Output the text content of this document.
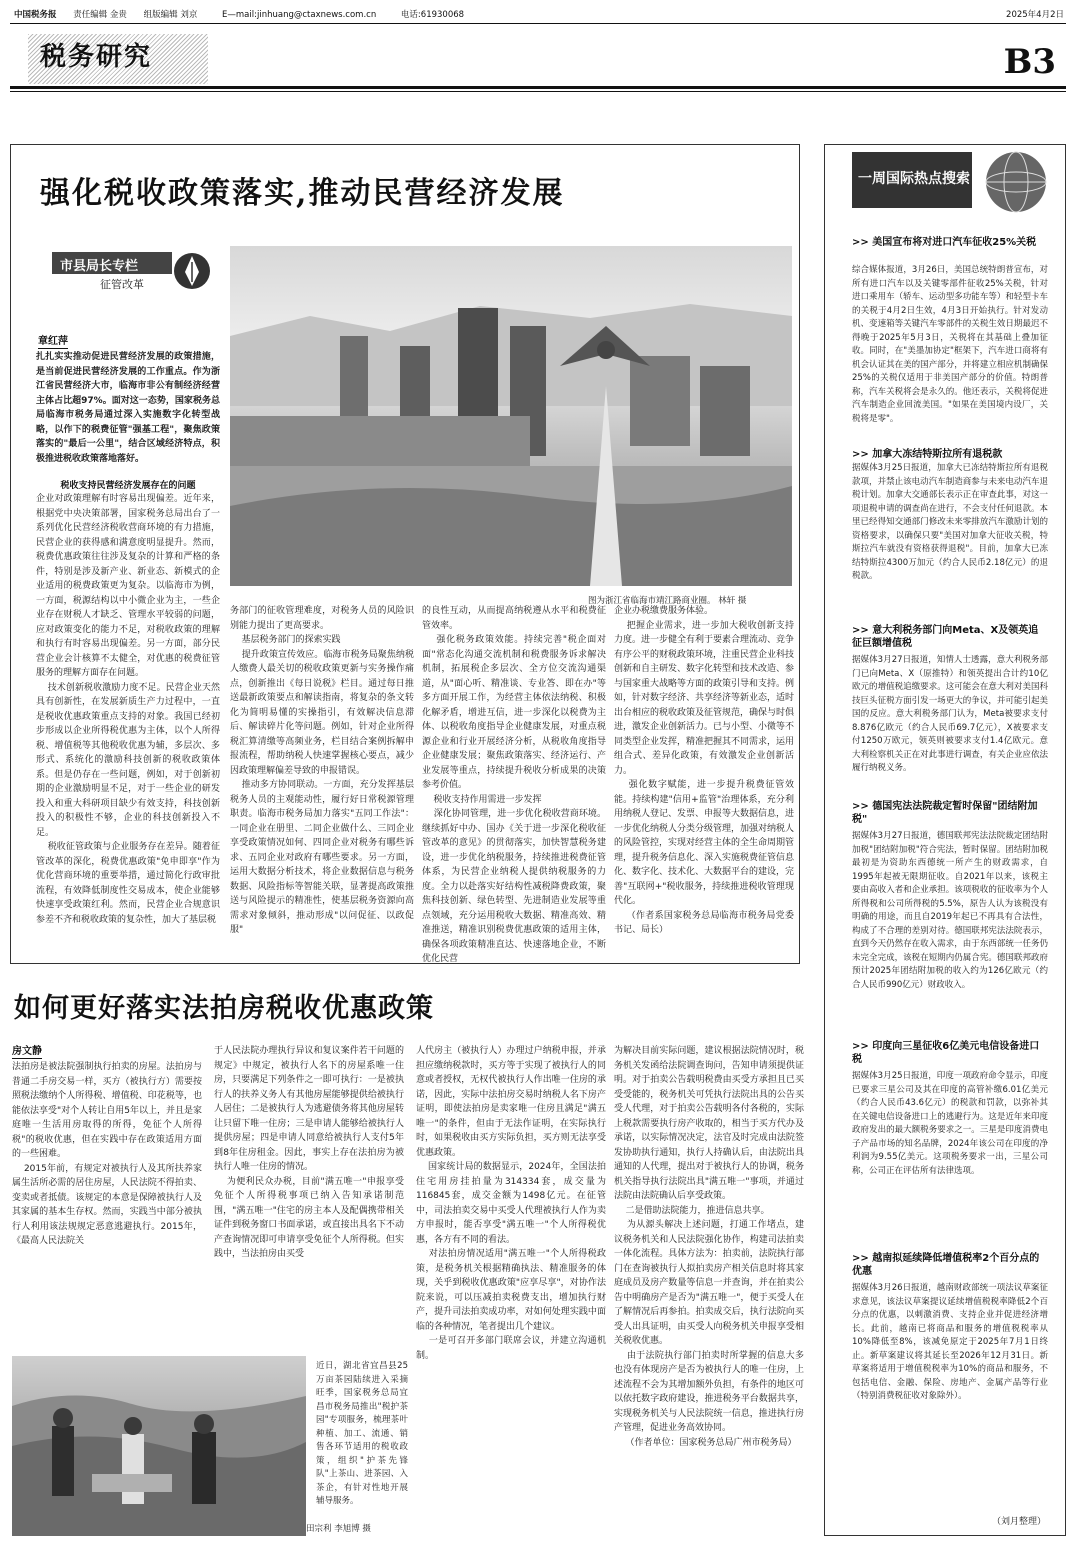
中国税务报 责任编辑 金贵 组版编辑 刘京	E—mail:jinhuang@ctaxnews.com.cn	电话:61930068	2025年4月2日
税务研究	B3
强化税收政策落实,推动民营经济发展
市县局长专栏
征管改革
章红萍
图为浙江省临海市靖江路商业圈。 林轩 摄
扎扎实实推动促进民营经济发展的政策措施，是当前促进民营经济发展的工作重点。作为浙江省民营经济大市，临海市非公有制经济经营主体占比超97%。面对这一态势，国家税务总局临海市税务局通过深入实施数字化转型战略，以作下的税费征管"强基工程"，聚焦政策落实的"最后一公里"，结合区域经济特点，积极推进税收政策落地落好。
税收支持民营经济发展存在的问题
企业对政策理解有时容易出现偏差。近年来，根据党中央决策部署，国家税务总局出台了一系列优化民营经济税收营商环境的有力措施，民营企业的获得感和满意度明显提升。然而，税费优惠政策往往涉及复杂的计算和严格的条件，特别是涉及新产业、新业态、新模式的企业适用的税费政策更为复杂。以临海市为例，一方面，税源结构以中小微企业为主，一些企业存在财税人才缺乏、管理水平较弱的问题，应对政策变化的能力不足，对税收政策的理解和执行有时容易出现偏差。另一方面，部分民营企业会计核算不太健全，对优惠的税费征管服务的理解方面存在问题。
技术创新税收激励力度不足。民营企业天然具有创新性，在发展新质生产力过程中，一直是税收优惠政策重点支持的对象。我国已经初步形成以企业所得税优惠为主体，以个人所得税、增值税等其他税收优惠为辅，多层次、多形式、系统化的激励科技创新的税收政策体系。但是仍存在一些问题，例如，对于创新初期的企业激励明显不足，对于一些企业的研发投入和重大科研项目缺少有效支持，科技创新投入的积极性不够，企业的科技创新投入不足。
税收征管政策与企业服务存在差异。随着征管改革的深化，税费优惠政策"免申即享"作为优化营商环境的重要举措，通过简化行政审批流程，有效降低制度性交易成本，使企业能够快速享受政策红利。然而，民营企业合规意识参差不齐和税收政策的复杂性，加大了基层税
务部门的征收管理难度，对税务人员的风险识别能力提出了更高要求。
基层税务部门的探索实践
提升政策宣传效应。临海市税务局聚焦纳税人缴费人最关切的税收政策更新与实务操作痛点，创新推出《每日说税》栏目。通过每日推送最新政策要点和解读指南，将复杂的条文转化为简明易懂的实操指引，有效解决信息滞后、解读碎片化等问题。例如，针对企业所得税汇算清缴等高频业务，栏目结合案例拆解申报流程，帮助纳税人快速掌握核心要点，减少因政策理解偏差导致的申报错误。
推动多方协同联动。一方面，充分发挥基层税务人员的主观能动性，履行好日常税源管理职责。临海市税务局加力落实"五同工作法"：一同企业在册里、二同企业做什么、三同企业享受政策情况如何、四同企业对税务有哪些诉求、五同企业对政府有哪些要求。另一方面，运用大数据分析技术，将企业数据信息与税务数据、风险指标等智能关联，显著提高政策推送与风险提示的精准性，使基层税务资源向高需求对象倾斜，推动形成"以问促征、以政促服"
的良性互动，从而提高纳税遵从水平和税费征管效率。
强化税务政策效能。持续完善"税企面对面"常态化沟通交流机制和税费服务诉求解决机制，拓展税企多层次、全方位交流沟通渠道，从"面心听、精准谈、专业答、即在办"等多方面开展工作，为经营主体依法纳税、积极化解矛盾，增进互信，进一步深化以税费为主体、以税收角度指导企业健康发展，对重点税源企业和行业开展经济分析，从税收角度指导企业健康发展；聚焦政策落实、经济运行、产业发展等重点，持续提升税收分析成果的决策参考价值。
税收支持作用需进一步发挥
深化协同管理，进一步优化税收营商环境。继续抓好中办、国办《关于进一步深化税收征管改革的意见》的贯彻落实，加快智慧税务建设，进一步优化纳税服务，持续推进税费征管体系，为民营企业纳税人提供纳税服务的力度。全力以赴落实好结构性减税降费政策，聚焦科技创新、绿色转型、先进制造业发展等重点领域，充分运用税收大数据、精准高效、精准推送，精准识别税费优惠政策的适用主体，确保各项政策精准直达、快速落地企业，不断优化民营
企业办税缴费服务体验。
把握企业需求，进一步加大税收创新支持力度。进一步健全有利于要素合理流动、竞争有序公平的财税政策环境，注重民营企业科技创新和自主研发、数字化转型和技术改造、参与国家重大战略等方面的政策引导和支持。例如，针对数字经济、共享经济等新业态，适时出台相应的税收政策及征管规范，确保与时俱进，激发企业创新活力。已与小型、小微等不同类型企业发挥，精准把握其不同需求，运用组合式、差异化政策，有效激发企业创新活力。
强化数字赋能，进一步提升税费征管效能。持续构建"信用+监管"治理体系，充分利用纳税人登记、发票、申报等大数据信息，进一步优化纳税人分类分级管理，加强对纳税人的风险管控，实现对经营主体的全生命周期管理，提升税务信息化、深入实施税费征管信息化、数字化、技术化、大数据平台的建设，完善"互联网+"税收服务，持续推进税收管理现代化。
（作者系国家税务总局临海市税务局党委书记、局长）
如何更好落实法拍房税收优惠政策
房文静
法拍房是被法院强制执行拍卖的房屋。法拍房与普通二手房交易一样，买方（被执行方）需要按照税法缴纳个人所得税、增值税、印花税等，也能依法享受"对个人转让自用5年以上，并且是家庭唯一生活用房取得的所得，免征个人所得税"的税收优惠，但在实践中存在政策适用方面的一些困难。
2015年前，有规定对被执行人及其所扶养家属生活所必需的居住房屋，人民法院不得拍卖、变卖或者抵债。该规定的本意是保障被执行人及其家属的基本生存权。然而，实践当中部分被执行人利用该法规规定恶意逃避执行。2015年，《最高人民法院关
于人民法院办理执行异议和复议案件若干问题的规定》中规定，被执行人名下的房屋系唯一住房，只要满足下列条件之一即可执行：一是被执行人的扶养义务人有其他房屋能够提供给被执行人居住；二是被执行人为逃避债务将其他房屋转让只留下唯一住房；三是申请人能够给被执行人提供房屋；四是申请人同意给被执行人支付5年到8年住房租金。因此，事实上存在法拍房为被执行人唯一住房的情况。
为便利民众办税，目前"满五唯一"申报享受免征个人所得税事项已纳入告知承诺制范围，"满五唯一"住宅的房主本人及配偶携带相关证件到税务窗口书面承诺，或直接出具名下不动产查询情况即可申请享受免征个人所得税。但实践中，当法拍房由买受
人代房主（被执行人）办理过户纳税申报，并承担应缴纳税款时，买方等于实现了被执行人的同意或者授权，无权代被执行人作出唯一住房的承诺，因此，实际中法拍房交易时纳税人名下房产证明，即使法拍房是卖家唯一住房且满足"满五唯一"的条件，但由于无法作证明，在实际执行时，如果税收由买方实际负担，买方则无法享受优惠政策。
国家统计局的数据显示，2024年，全国法拍住宅用房挂拍量为314334套，成交量为116845套，成交金额为1498亿元。在征管中，司法拍卖交易中买受人代理被执行人作为卖方申报时，能否享受"满五唯一"个人所得税优惠，各方有不同的看法。
对法拍房情况适用"满五唯一"个人所得税政策，是税务机关根据精确执法、精准服务的体现，关乎到税收优惠政策"应享尽享"，对协作法院来说，可以压减拍卖税费支出，增加执行财产，提升司法拍卖成功率，对如何处理实践中面临的各种情况，笔者提出几个建议。
一是可召开多部门联席会议，并建立沟通机制。
为解决目前实际问题，建议根据法院情况时，税务机关发函给法院调查询问，告知申请须提供证明。对于拍卖公告载明税费由买受方承担且已买受受能的，税务机关可凭执行法院出具的公告买受人代理，对于拍卖公告载明各付各税的，实际上税款需要执行房产收取的，相当于买方代办及承诺，以实际情况决定，法官及时完成由法院签发协助执行通知，执行人持确认后，由法院出具通知的人代理，提出对于被执行人的协调，税务机关指导执行法院出具"满五唯一"事项，并通过法院由法院确认后享受政策。
二是借助法院能力，推进信息共享。
为从源头解决上述问题，打通工作堵点，建议税务机关和人民法院强化协作，构建司法拍卖一体化流程。具体方法为：拍卖前，法院执行部门在查询被执行人拟拍卖房产相关信息时将其家庭成员及房产数量等信息一并查询，并在拍卖公告中明确房产是否为"满五唯一"，便于买受人在了解情况后再参拍。拍卖成交后，执行法院向买受人出具证明，由买受人向税务机关申报享受相关税收优惠。
由于法院执行部门拍卖时所掌握的信息大多也没有体现房产是否为被执行人的唯一住房，上述流程不会为其增加额外负担，有条件的地区可以依托数字政府建设，推进税务平台数据共享，实现税务机关与人民法院统一信息，推进执行房产管理，促进业务高效协同。
（作者单位：国家税务总局广州市税务局）
近日，湖北省宜昌县25万亩茶园陆续进入采摘旺季，国家税务总局宜昌市税务局推出"税护茶园"专项服务，梳理茶叶种植、加工、流通、销售各环节适用的税收政策，组织"护茶先锋队"上茶山、进茶园、入茶企，有针对性地开展辅导服务。
田宗利 李旭博 摄
一周国际热点搜索
>> 美国宣布将对进口汽车征收25%关税
综合媒体报道，3月26日，美国总统特朗普宣布，对所有进口汽车以及关键零部件征收25%关税，针对进口乘用车（轿车、运动型多功能车等）和轻型卡车的关税于4月2日生效，4月3日开始执行。针对发动机、变速箱等关键汽车零部件的关税生效日期最迟不得晚于2025年5月3日，关税将在其基础上叠加征收。同时，在"美墨加协定"框架下，汽车进口商将有机会认证其在美的国产部分，并将建立相应机制确保25%的关税仅适用于非美国产部分的价值。特朗普称，汽车关税将会是永久的。他还表示，关税将促进汽车制造企业回流美国。"如果在美国境内设厂，关税将是零"。
>> 加拿大冻结特斯拉所有退税款
据媒体3月25日报道，加拿大已冻结特斯拉所有退税款项，并禁止该电动汽车制造商参与未来电动汽车退税计划。加拿大交通部长表示正在审查此事，对这一项退税申请的调查尚在进行，不会支付任何退款。本里已经得知交通部门修改未来零排放汽车激励计划的资格要求，以确保只要"美国对加拿大征收关税，特斯拉汽车就没有资格获得退税"。目前，加拿大已冻结特斯拉4300万加元（约合人民币2.18亿元）的退税款。
>> 意大利税务部门向Meta、X及领英追征巨额增值税
据媒体3月27日报道，知情人士透露，意大利税务部门已向Meta、X（原推特）和领英提出合计约10亿欧元的增值税追缴要求。这可能会在意大利对美国科技巨头征税方面引发一场更大的争议，并可能引起美国的反应。意大利税务部门认为，Meta被要求支付8.876亿欧元（约合人民币69.7亿元），X被要求支付1250万欧元，领英则被要求支付1.4亿欧元。意大利检察机关正在对此事进行调查，有关企业应依法履行纳税义务。
>> 德国宪法法院裁定暂时保留"团结附加税"
据媒体3月27日报道，德国联邦宪法法院裁定团结附加税"团结附加税"符合宪法，暂时保留。团结附加税最初是为资助东西德统一所产生的财政需求，自1995年起被无限期征收。自2021年以来，该税主要由高收入者和企业承担。该项税收的征收率为个人所得税和公司所得税的5.5%，原告人认为该税没有明确的用途，而且自2019年起已不再具有合法性，构成了不合理的差别对待。德国联邦宪法法院表示，直到今天仍然存在收入需求，由于东西部统一任务仍未完全完成，该税在短期内仍属合宪。德国联邦政府预计2025年团结附加税的收入约为126亿欧元（约合人民币990亿元）财政收入。
>> 印度向三星征收6亿美元电信设备进口税
据媒体3月25日报道，印度一项政府命令显示，印度已要求三星公司及其在印度的高管补缴6.01亿美元（约合人民币43.6亿元）的税款和罚款，以弥补其在关键电信设备进口上的逃避行为。这是近年来印度政府发出的最大额税务要求之一。三星是印度消费电子产品市场的知名品牌，2024年该公司在印度的净利润为9.55亿美元。这项税务要求一出，三星公司称，公司正在评估所有法律选项。
>> 越南拟延续降低增值税率2个百分点的优惠
据媒体3月26日报道，越南财政部统一项法议草案征求意见，该法议草案提议延续增值税税率降低2个百分点的优惠，以刺激消费、支持企业并促进经济增长。此前，越南已将商品和服务的增值税税率从10%降低至8%，该减免原定于2025年7月1日终止。新草案建议将其延长至2026年12月31日。新草案将适用于增值税税率为10%的商品和服务，不包括电信、金融、保险、房地产、金属产品等行业（特别消费税征收对象除外）。
（刘月整理）
